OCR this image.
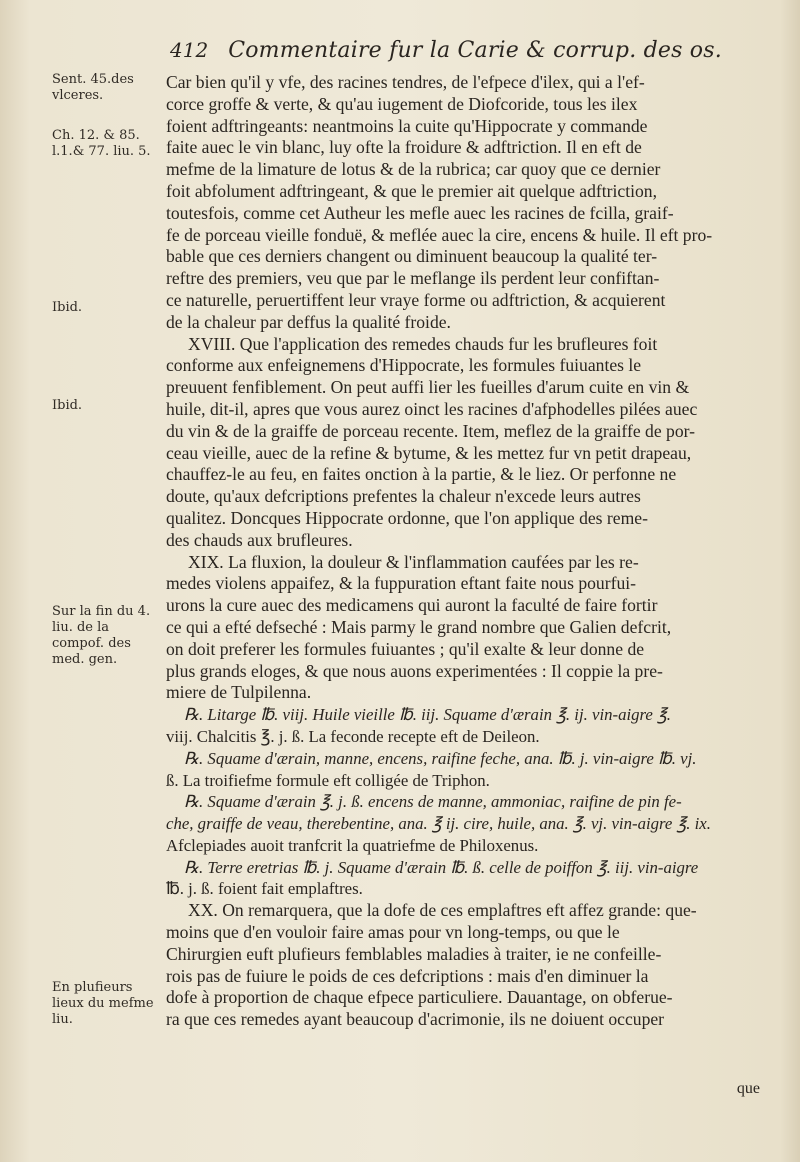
412 Commentaire fur la Carie & corrup. des os.
Sent. 45.des vlceres.
Ch. 12. & 85. l.1.& 77. liu. 5.
Ibid.
Ibid.
Sur la fin du 4. liu. de la compof. des med. gen.
En plufieurs lieux du mefme liu.
Car bien qu'il y vfe, des racines tendres, de l'efpece d'ilex, qui a l'ef-
corce groffe & verte, & qu'au iugement de Diofcoride, tous les ilex
foient adftringeants: neantmoins la cuite qu'Hippocrate y commande
faite auec le vin blanc, luy ofte la froidure & adftriction. Il en eft de
mefme de la limature de lotus & de la rubrica; car quoy que ce dernier
foit abfolument adftringeant, & que le premier ait quelque adftriction,
toutesfois, comme cet Autheur les mefle auec les racines de fcilla, graif-
fe de porceau vieille fonduë, & meflée auec la cire, encens & huile. Il eft pro-
bable que ces derniers changent ou diminuent beaucoup la qualité ter-
reftre des premiers, veu que par le meflange ils perdent leur confiftan-
ce naturelle, peruertiffent leur vraye forme ou adftriction, & acquierent
de la chaleur par deffus la qualité froide.
XVIII. Que l'application des remedes chauds fur les brufleures foit
conforme aux enfeignemens d'Hippocrate, les formules fuiuantes le
preuuent fenfiblement. On peut auffi lier les fueilles d'arum cuite en vin &
huile, dit-il, apres que vous aurez oinct les racines d'afphodelles pilées auec
du vin & de la graiffe de porceau recente. Item, meflez de la graiffe de por-
ceau vieille, auec de la refine & bytume, & les mettez fur vn petit drapeau,
chauffez-le au feu, en faites onction à la partie, & le liez. Or perfonne ne
doute, qu'aux defcriptions prefentes la chaleur n'excede leurs autres
qualitez. Doncques Hippocrate ordonne, que l'on applique des reme-
des chauds aux brufleures.
XIX. La fluxion, la douleur & l'inflammation caufées par les re-
medes violens appaifez, & la fuppuration eftant faite nous pourfui-
urons la cure auec des medicamens qui auront la faculté de faire fortir
ce qui a efté defseché : Mais parmy le grand nombre que Galien defcrit,
on doit preferer les formules fuiuantes ; qu'il exalte & leur donne de
plus grands eloges, & que nous auons experimentées : Il coppie la pre-
miere de Tulpilenna.
℞. Litarge ℔. viij. Huile vieille ℔. iij. Squame d'ærain ℥. ij. vin-aigre ℥.
viij. Chalcitis ℥. j. ß. La feconde recepte eft de Deileon.
℞. Squame d'ærain, manne, encens, raifine feche, ana. ℔. j. vin-aigre ℔. vj.
ß. La troifiefme formule eft colligée de Triphon.
℞. Squame d'ærain ℥. j. ß. encens de manne, ammoniac, raifine de pin fe-
che, graiffe de veau, therebentine, ana. ℥ ij. cire, huile, ana. ℥. vj. vin-aigre ℥. ix.
Afclepiades auoit tranfcrit la quatriefme de Philoxenus.
℞. Terre eretrias ℔. j. Squame d'ærain ℔. ß. celle de poiffon ℥. iij. vin-aigre
℔. j. ß. foient fait emplaftres.
XX. On remarquera, que la dofe de ces emplaftres eft affez grande: que-
moins que d'en vouloir faire amas pour vn long-temps, ou que le
Chirurgien euft plufieurs femblables maladies à traiter, ie ne confeille-
rois pas de fuiure le poids de ces defcriptions : mais d'en diminuer la
dofe à proportion de chaque efpece particuliere. Dauantage, on obferue-
ra que ces remedes ayant beaucoup d'acrimonie, ils ne doiuent occuper
que
